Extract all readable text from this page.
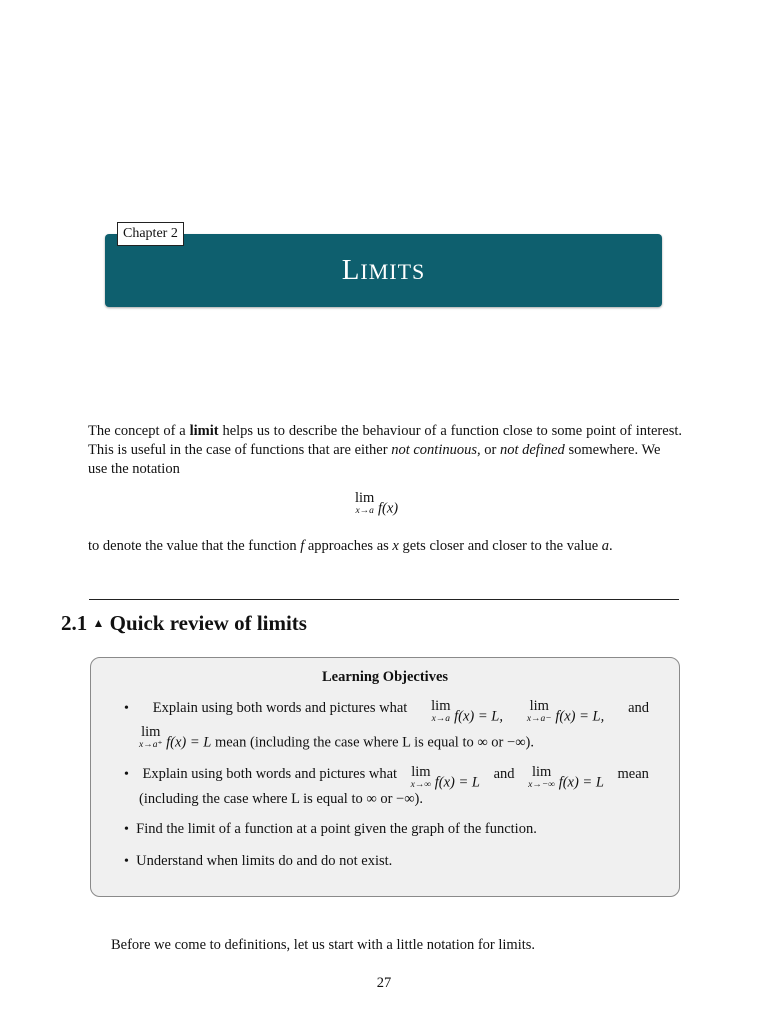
Chapter 2
LIMITS
The concept of a limit helps us to describe the behaviour of a function close to some point of interest. This is useful in the case of functions that are either not continuous, or not defined somewhere. We
use the notation
lim
x→a f(x)
to denote the value that the function f approaches as x gets closer and closer to the value a.
2.1 ▲ Quick review of limits
Learning Objectives
• Explain using both words and pictures what lim
x→a f(x) = L,
lim
x→a− f(x) = L,
and
lim
x→a⁺ f(x) = L mean (including the case where L is equal to ∞ or −∞).
• Explain using both words and pictures what lim
x→∞ f(x) = L
and lim
x→−∞ f(x) = L
mean
(including the case where L is equal to ∞ or −∞).
• Find the limit of a function at a point given the graph of the function.
• Understand when limits do and do not exist.
Before we come to definitions, let us start with a little notation for limits.
27
